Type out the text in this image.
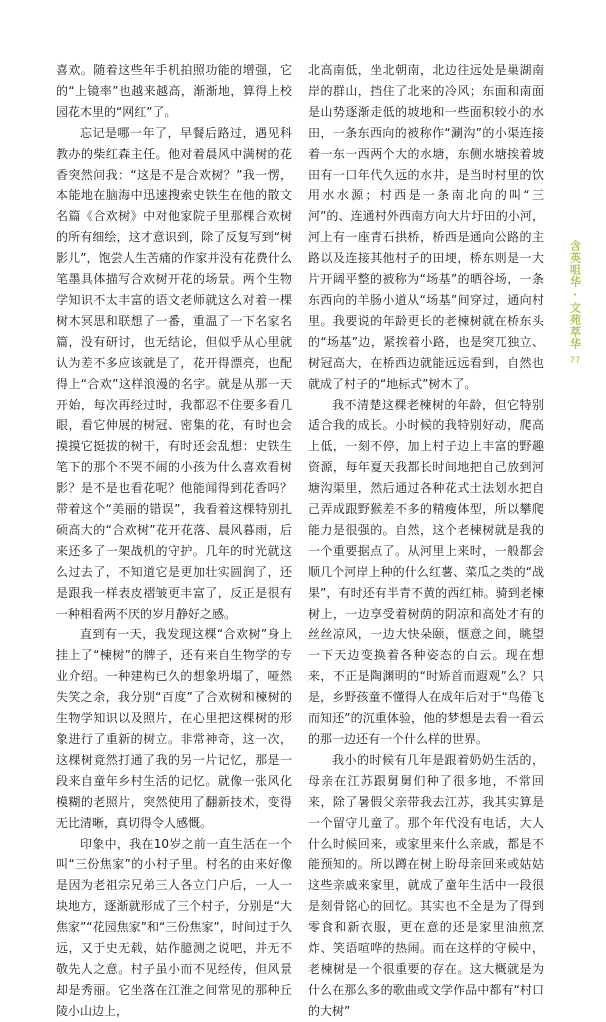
喜欢。随着这些年手机拍照功能的增强，它的“上镜率”也越来越高，渐渐地，算得上校园花木里的“网红”了。

忘记是哪一年了，早餐后路过，遇见科教办的柴红森主任。他对着晨风中满树的花香突然问我：“这是不是合欢树？”我一愣，本能地在脑海中迅速搜索史铁生在他的散文名篇《合欢树》中对他家院子里那棵合欢树的所有细绘，这才意识到，除了反复写到“树影儿”，饱尝人生苦痛的作家并没有花费什么笔墨具体描写合欢树开花的场景。两个生物学知识不太丰富的语文老师就这么对着一棵树木冥思和联想了一番，重温了一下名家名篇，没有研讨，也无结论，但似乎从心里就认为差不多应该就是了，花开得漂亮，也配得上“合欢”这样浪漫的名字。就是从那一天开始，每次再经过时，我都忍不住要多看几眼，看它伸展的树冠、密集的花，有时也会摸摸它挺拔的树干，有时还会乱想：史铁生笔下的那个不哭不闹的小孩为什么喜欢看树影？是不是也看花呢？他能闻得到花香吗？带着这个“美丽的错误”，我看着这棵特别扎硕高大的“合欢树”花开花落、晨风暮雨，后来还多了一架战机的守护。几年的时光就这么过去了，不知道它是更加壮实圆润了，还是跟我一样表皮褶皱更丰富了，反正是很有一种相看两不厌的岁月静好之感。

直到有一天，我发现这棵“合欢树”身上挂上了“楝树”的牌子，还有来自生物学的专业介绍。一种建构已久的想象坍塌了，哑然失笑之余，我分别“百度”了合欢树和楝树的生物学知识以及照片，在心里把这棵树的形象进行了重新的树立。非常神奇，这一次，这棵树竟然打通了我的另一片记忆，那是一段来自童年乡村生活的记忆。就像一张风化模糊的老照片，突然使用了翻新技术，变得无比清晰，真切得令人感慨。

印象中，我在10岁之前一直生活在一个叫“三份焦家”的小村子里。村名的由来好像是因为老祖宗兄弟三人各立门户后，一人一块地方，逐渐就形成了三个村子，分别是“大焦家”“花园焦家”和“三份焦家”，时间过于久远，又于史无载，姑作臆测之说吧，并无不敬先人之意。村子虽小而不见经传，但风景却是秀丽。它坐落在江淮之间常见的那种丘陵小山边上，

北高南低，坐北朝南，北边往远处是巢湖南岸的群山，挡住了北来的冷风；东面和南面是山势逐渐走低的坡地和一些面积较小的水田，一条东西向的被称作“涮沟”的小渠连接着一东一西两个大的水塘，东侧水塘挨着坡田有一口年代久远的水井，是当时村里的饮用水水源；村西是一条南北向的叫“三河”的、连通村外西南方向大片圩田的小河，河上有一座青石拱桥，桥西是通向公路的主路以及连接其他村子的田埂，桥东则是一大片开阔平整的被称为“场基”的晒谷场，一条东西向的羊肠小道从“场基”间穿过，通向村里。我要说的年龄更长的老楝树就在桥东头的“场基”边，紧挨着小路，也是突兀独立、树冠高大，在桥西边就能远远看到，自然也就成了村子的“地标式”树木了。

我不清楚这棵老楝树的年龄，但它特别适合我的成长。小时候的我特别好动，爬高上低，一刻不停，加上村子边上丰富的野趣资源，每年夏天我都长时间地把自己放到河塘沟渠里，然后通过各种花式土法划水把自己弄成跟野猴差不多的精瘦体型，所以攀爬能力是很强的。自然，这个老楝树就是我的一个重要据点了。从河里上来时，一般都会顺几个河岸上种的什么红薯、菜瓜之类的“战果”，有时还有半青不黄的西红柿。骑到老楝树上，一边享受着树荫的阴凉和高处才有的丝丝凉风，一边大快朵颐，惬意之间，眺望一下天边变换着各种姿态的白云。现在想来，不正是陶渊明的“时矫首而遐观”么？只是，乡野孩童不懂得人在成年后对于“鸟倦飞而知还”的沉重体验，他的梦想是去看一看云的那一边还有一个什么样的世界。

我小的时候有几年是跟着奶奶生活的，母亲在江苏跟舅舅们种了很多地，不常回来，除了暑假父亲带我去江苏，我其实算是一个留守儿童了。那个年代没有电话，大人什么时候回来，或家里来什么亲戚，都是不能预知的。所以蹲在树上盼母亲回来或姑姑这些亲戚来家里，就成了童年生活中一段很是刻骨铭心的回忆。其实也不全是为了得到零食和新衣服，更在意的还是家里油煎烹炸、笑语喧哗的热闹。而在这样的守候中，老楝树是一个很重要的存在。这大概就是为什么在那么多的歌曲或文学作品中都有“村口的大树”

含
英
咀
华
·
文
苑
萃
华
77
